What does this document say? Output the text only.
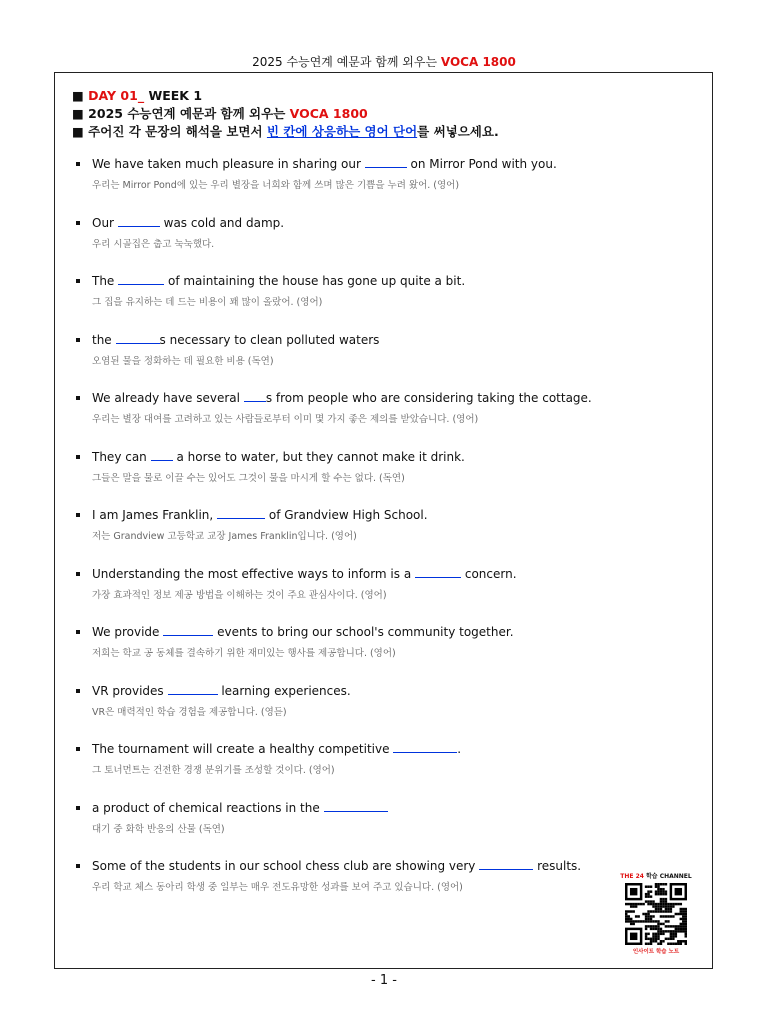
2025 수능연계 예문과 함께 외우는 VOCA 1800
■ DAY 01_ WEEK 1
■ 2025 수능연계 예문과 함께 외우는 VOCA 1800
■ 주어진 각 문장의 해석을 보면서 빈 칸에 상응하는 영어 단어를 써넣으세요.
We have taken much pleasure in sharing our	on Mirror Pond with you.
우리는 Mirror Pond에 있는 우리 별장을 너희와 함께 쓰며 많은 기쁨을 누려 왔어. (영어)
Our	was cold and damp.
우리 시골집은 춥고 눅눅했다.
The	of maintaining the house has gone up quite a bit.
그 집을 유지하는 데 드는 비용이 꽤 많이 올랐어. (영어)
the	s necessary to clean polluted waters
오염된 물을 정화하는 데 필요한 비용 (독연)
We already have several s from people who are considering taking the cottage.
우리는 별장 대여를 고려하고 있는 사람들로부터 이미 몇 가지 좋은 제의를 받았습니다. (영어)
They can a horse to water, but they cannot make it drink.
그들은 말을 물로 이끌 수는 있어도 그것이 물을 마시게 할 수는 없다. (독연)
I am James Franklin,	of Grandview High School.
저는 Grandview 고등학교 교장 James Franklin입니다. (영어)
Understanding the most effective ways to inform is a	concern.
가장 효과적인 정보 제공 방법을 이해하는 것이 주요 관심사이다. (영어)
We provide	events to bring our school's community together.
저희는 학교 공 동체를 결속하기 위한 재미있는 행사를 제공합니다. (영어)
VR provides	learning experiences.
VR은 매력적인 학습 경험을 제공합니다. (영듣)
The tournament will create a healthy competitive	.
그 토너먼트는 건전한 경쟁 분위기를 조성할 것이다. (영어)
a product of chemical reactions in the
대기 중 화학 반응의 산물 (독연)
Some of the students in our school chess club are showing very	results.
우리 학교 체스 동아리 학생 중 일부는 매우 전도유망한 성과를 보여 주고 있습니다. (영어)
THE 24 학습 CHANNEL
인사이트 학습 노트
- 1 -
